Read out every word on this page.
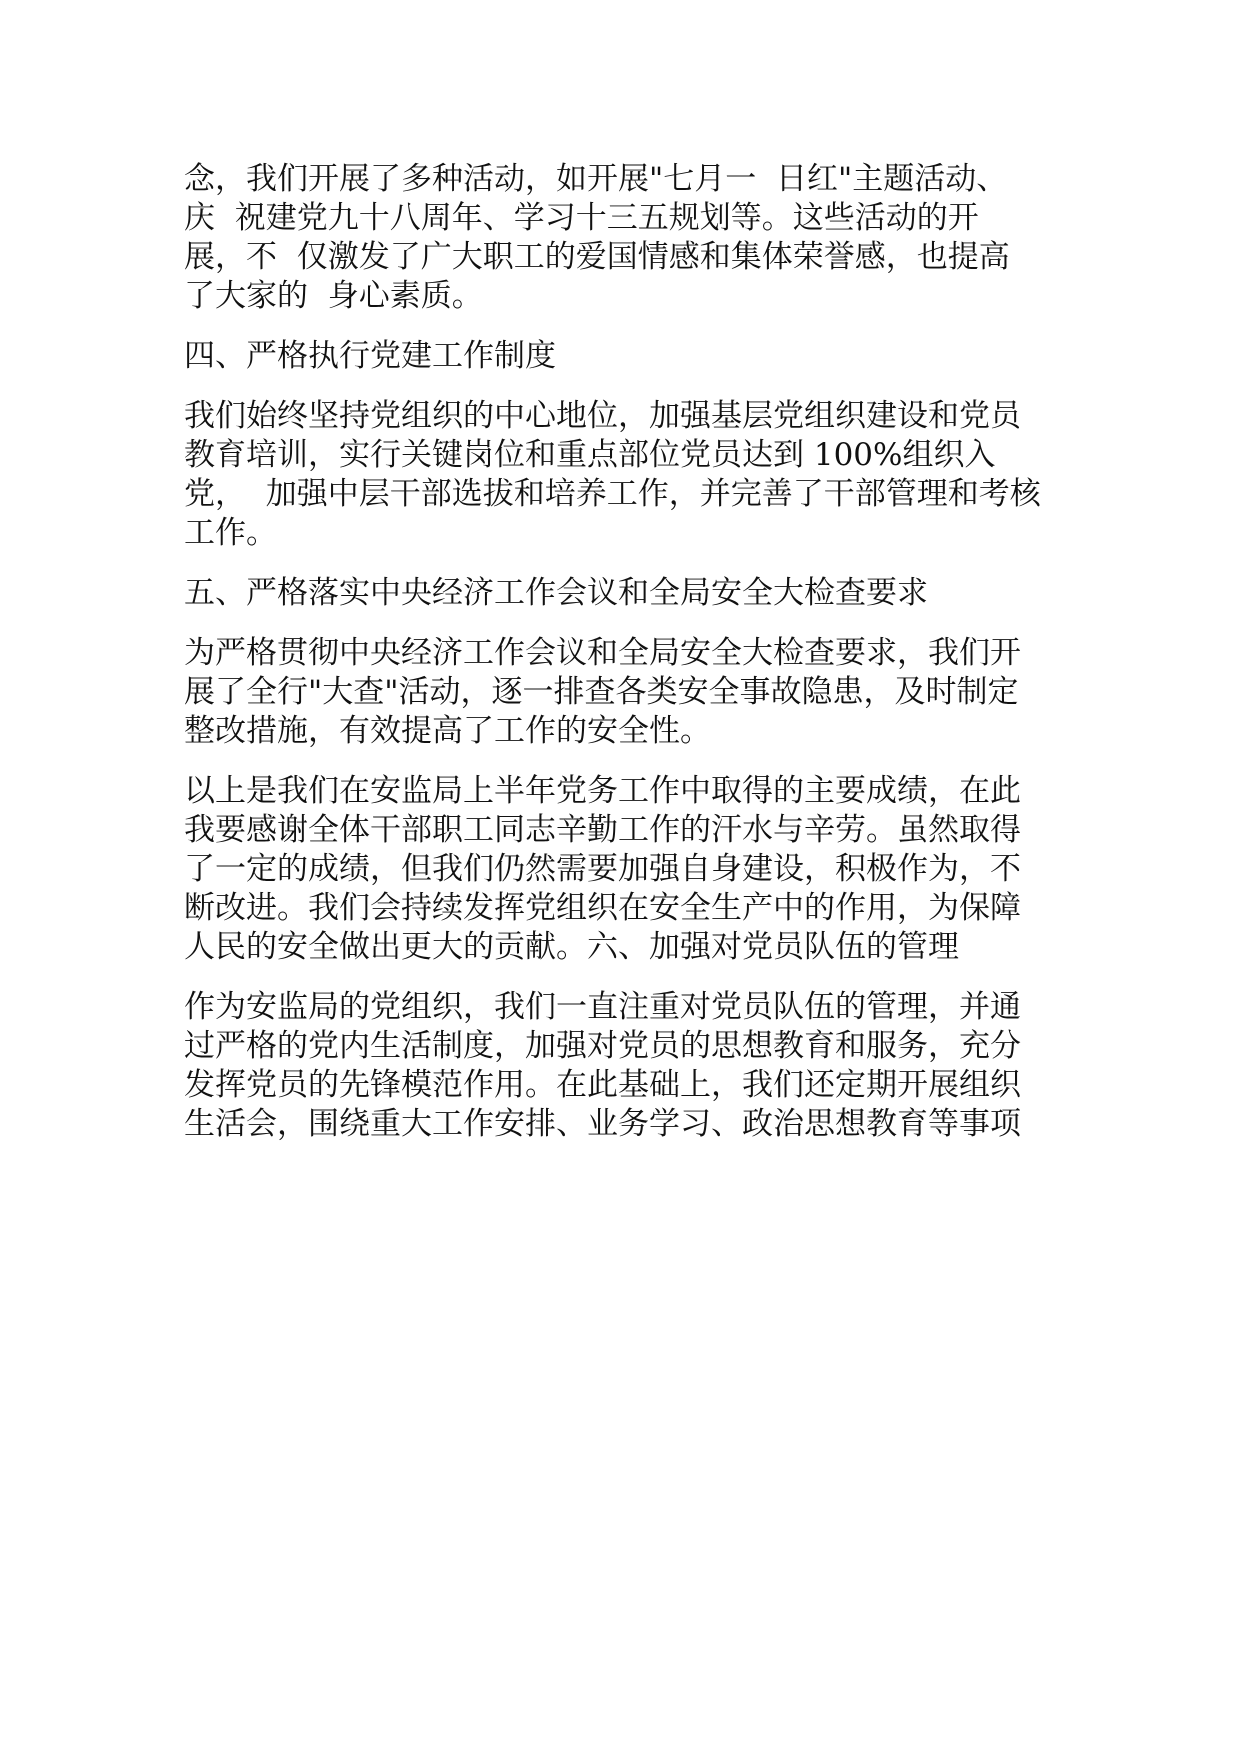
念，我们开展了多种活动，如开展"七月一  日红"主题活动、
庆  祝建党九十八周年、学习十三五规划等。这些活动的开
展，不  仅激发了广大职工的爱国情感和集体荣誉感，也提高
了大家的  身心素质。
四、严格执行党建工作制度
我们始终坚持党组织的中心地位，加强基层党组织建设和党员
教育培训，实行关键岗位和重点部位党员达到 100%组织入
党，  加强中层干部选拔和培养工作，并完善了干部管理和考核
工作。
五、严格落实中央经济工作会议和全局安全大检查要求
为严格贯彻中央经济工作会议和全局安全大检查要求，我们开
展了全行"大查"活动，逐一排查各类安全事故隐患，及时制定
整改措施，有效提高了工作的安全性。
以上是我们在安监局上半年党务工作中取得的主要成绩，在此
我要感谢全体干部职工同志辛勤工作的汗水与辛劳。虽然取得
了一定的成绩，但我们仍然需要加强自身建设，积极作为，不
断改进。我们会持续发挥党组织在安全生产中的作用，为保障
人民的安全做出更大的贡献。六、加强对党员队伍的管理
作为安监局的党组织，我们一直注重对党员队伍的管理，并通
过严格的党内生活制度，加强对党员的思想教育和服务，充分
发挥党员的先锋模范作用。在此基础上，我们还定期开展组织
生活会，围绕重大工作安排、业务学习、政治思想教育等事项
